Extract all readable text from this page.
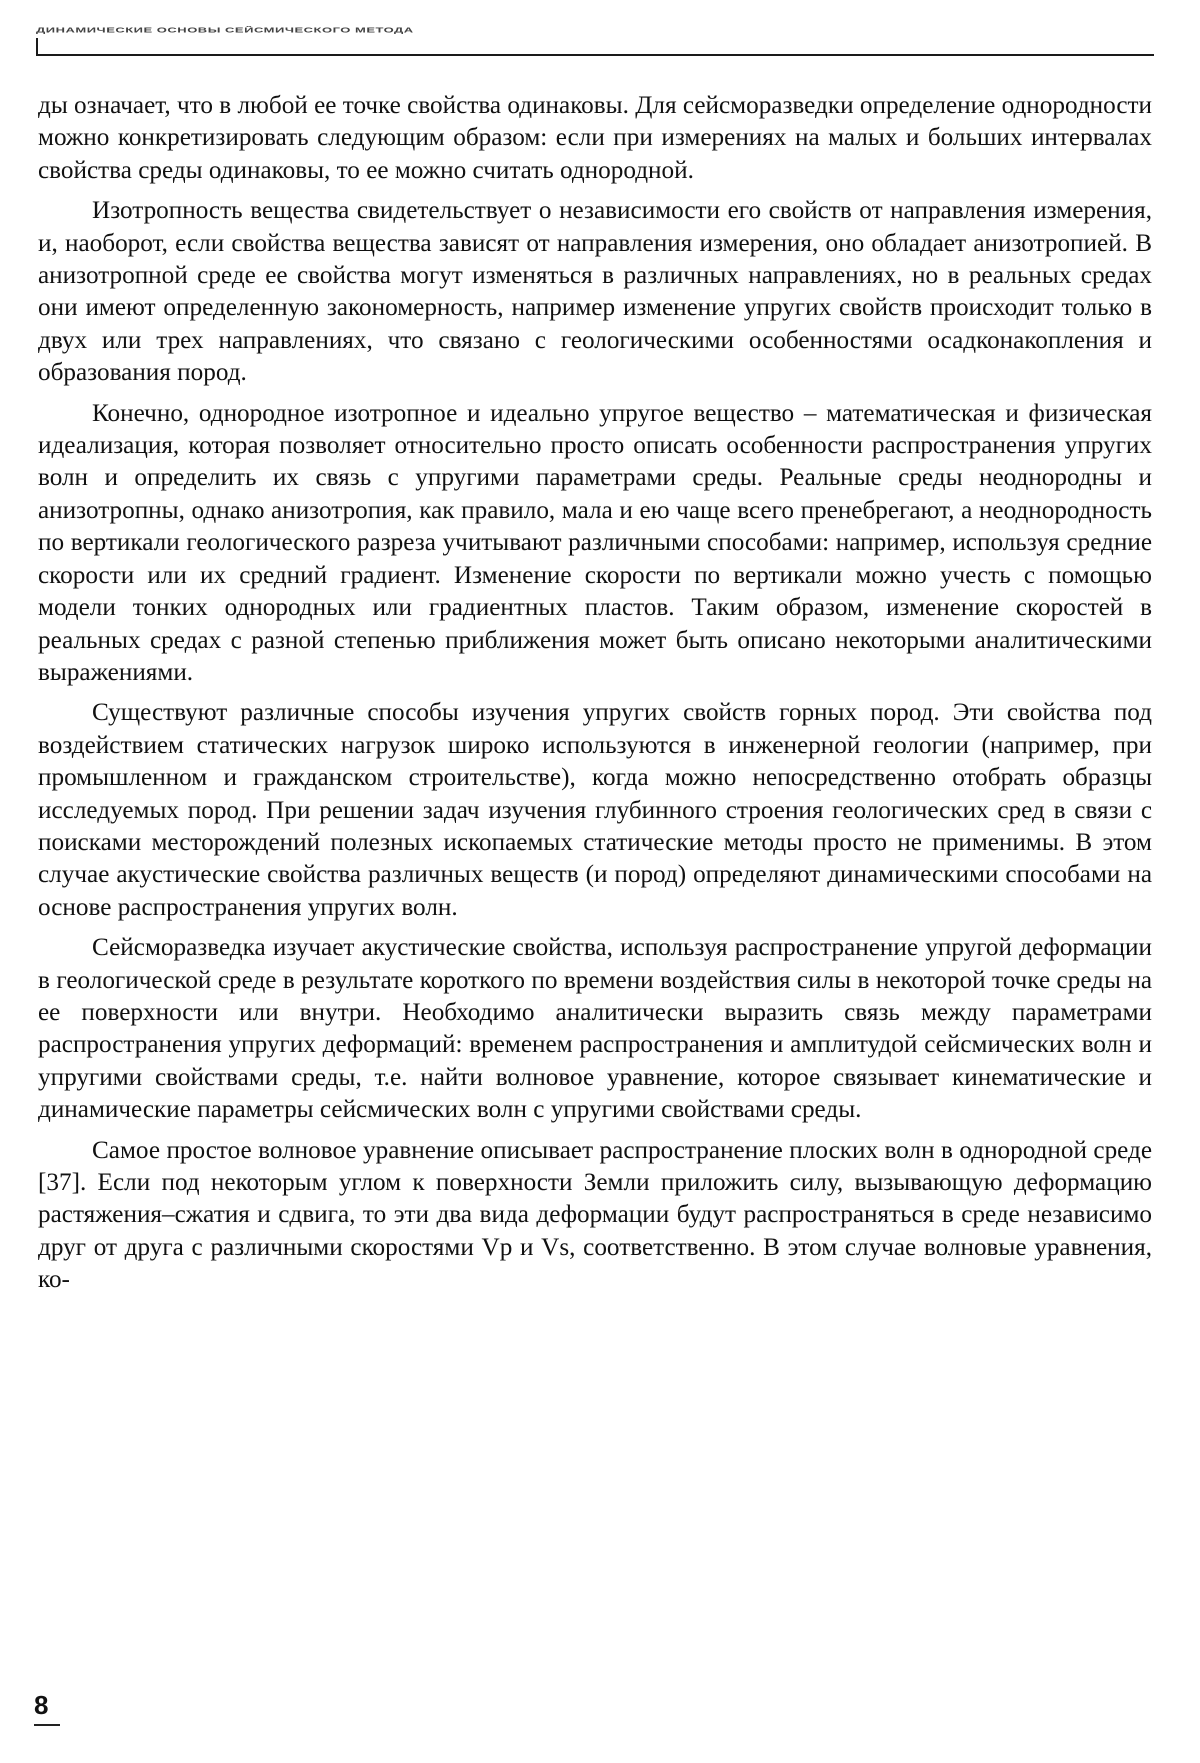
ДИНАМИЧЕСКИЕ ОСНОВЫ СЕЙСМИЧЕСКОГО МЕТОДА

ды означает, что в любой ее точке свойства одинаковы. Для сейсморазведки определение однородности можно конкретизировать следующим образом: если при измерениях на малых и больших интервалах свойства среды одинаковы, то ее можно считать однородной.

Изотропность вещества свидетельствует о независимости его свойств от направления измерения, и, наоборот, если свойства вещества зависят от направления измерения, оно обладает анизотропией. В анизотропной среде ее свойства могут изменяться в различных направлениях, но в реальных средах они имеют определенную закономерность, например изменение упругих свойств происходит только в двух или трех направлениях, что связано с геологическими особенностями осадконакопления и образования пород.

Конечно, однородное изотропное и идеально упругое вещество – математическая и физическая идеализация, которая позволяет относительно просто описать особенности распространения упругих волн и определить их связь с упругими параметрами среды. Реальные среды неоднородны и анизотропны, однако анизотропия, как правило, мала и ею чаще всего пренебрегают, а неоднородность по вертикали геологического разреза учитывают различными способами: например, используя средние скорости или их средний градиент. Изменение скорости по вертикали можно учесть с помощью модели тонких однородных или градиентных пластов. Таким образом, изменение скоростей в реальных средах с разной степенью приближения может быть описано некоторыми аналитическими выражениями.

Существуют различные способы изучения упругих свойств горных пород. Эти свойства под воздействием статических нагрузок широко используются в инженерной геологии (например, при промышленном и гражданском строительстве), когда можно непосредственно отобрать образцы исследуемых пород. При решении задач изучения глубинного строения геологических сред в связи с поисками месторождений полезных ископаемых статические методы просто не применимы. В этом случае акустические свойства различных веществ (и пород) определяют динамическими способами на основе распространения упругих волн.

Сейсморазведка изучает акустические свойства, используя распространение упругой деформации в геологической среде в результате короткого по времени воздействия силы в некоторой точке среды на ее поверхности или внутри. Необходимо аналитически выразить связь между параметрами распространения упругих деформаций: временем распространения и амплитудой сейсмических волн и упругими свойствами среды, т.е. найти волновое уравнение, которое связывает кинематические и динамические параметры сейсмических волн с упругими свойствами среды.

Самое простое волновое уравнение описывает распространение плоских волн в однородной среде [37]. Если под некоторым углом к поверхности Земли приложить силу, вызывающую деформацию растяжения–сжатия и сдвига, то эти два вида деформации будут распространяться в среде независимо друг от друга с различными скоростями Vp и Vs, соответственно. В этом случае волновые уравнения, ко-

8
